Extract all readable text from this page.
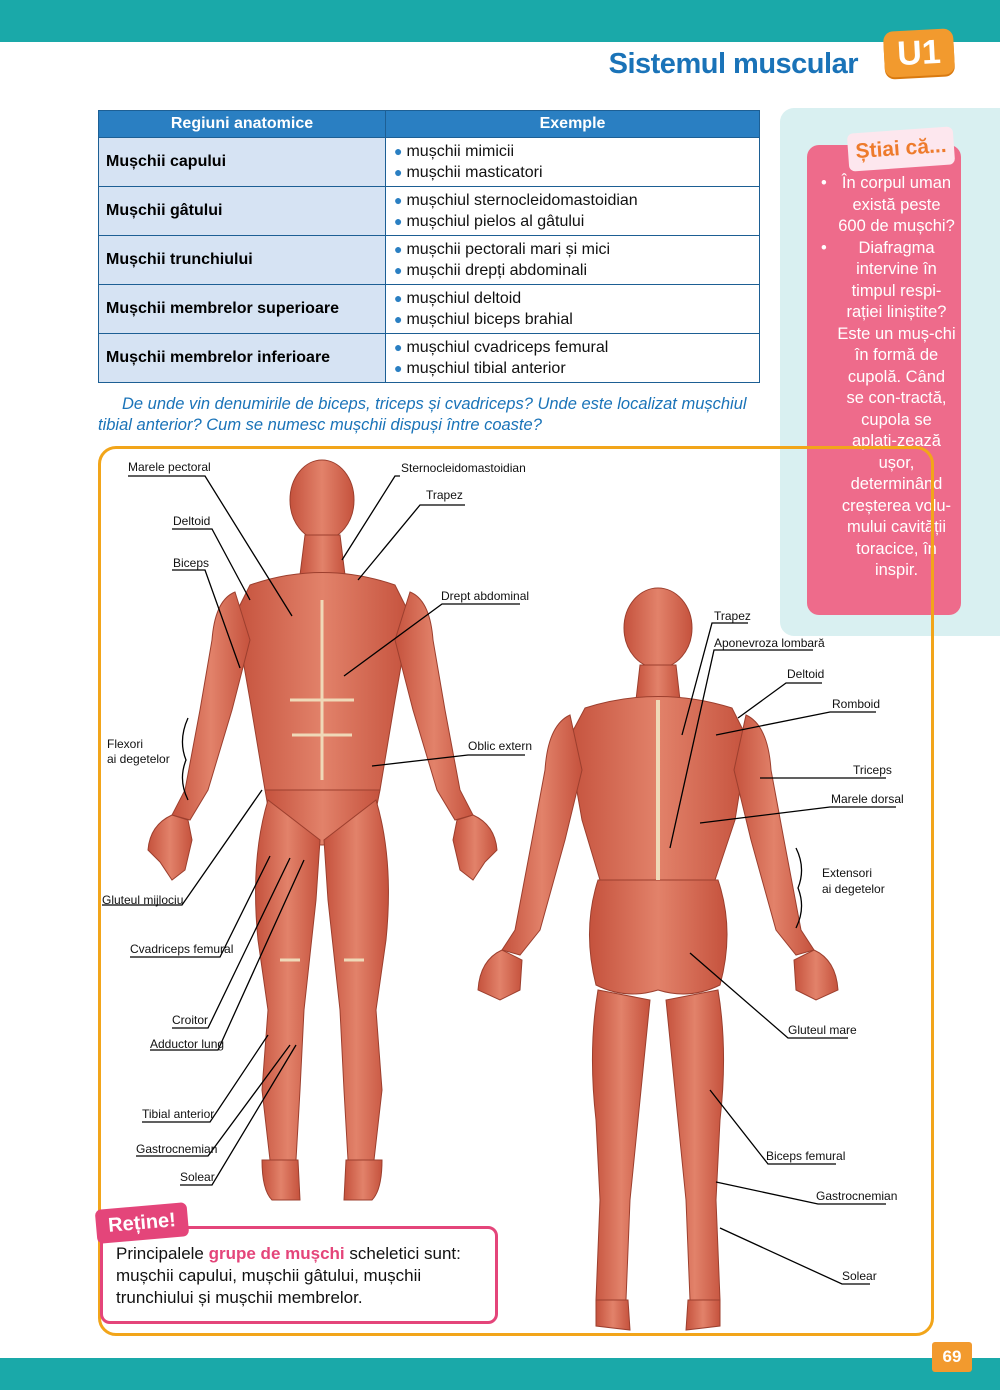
Sistemul muscular	U1
Regiuni anatomice	Exemple
Mușchii capului	● mușchii mimicii
● mușchii masticatori

Mușchii gâtului	● mușchiul sternocleidomastoidian
● mușchiul pielos al gâtului

Mușchii trunchiului	● mușchii pectorali mari și mici
● mușchii drepți abdominali

Mușchii membrelor superioare	● mușchiul deltoid
● mușchiul biceps brahial

Mușchii membrelor inferioare	● mușchiul cvadriceps femural
● mușchiul tibial anterior
De unde vin denumirile de biceps, triceps și cvadriceps? Unde este localizat mușchiul tibial anterior? Cum se numesc mușchii dispuși între coaste?
Știai că...
• În corpul uman există peste 600 de mușchi?
• Diafragma intervine în timpul respi-rației liniștite? Este un muș-chi în formă de cupolă. Când se con-tractă, cupola se aplati-zează ușor, determinând creșterea volu-mului cavității toracice, în inspir.
Marele pectoral
Deltoid
Biceps
Flexori
ai degetelor
Gluteul mijlociu
Cvadriceps femural
Croitor
Adductor lung
Tibial anterior
Gastrocnemian
Solear
Sternocleidomastoidian
Trapez
Drept abdominal
Oblic extern
Trapez
Aponevroza lombară
Deltoid
Romboid
Triceps
Marele dorsal
Extensori
ai degetelor
Gluteul mare
Biceps femural
Gastrocnemian
Solear
Reține!
Principalele grupe de mușchi scheletici sunt: mușchii capului, mușchii gâtului, mușchii trunchiului și mușchii membrelor.
69
